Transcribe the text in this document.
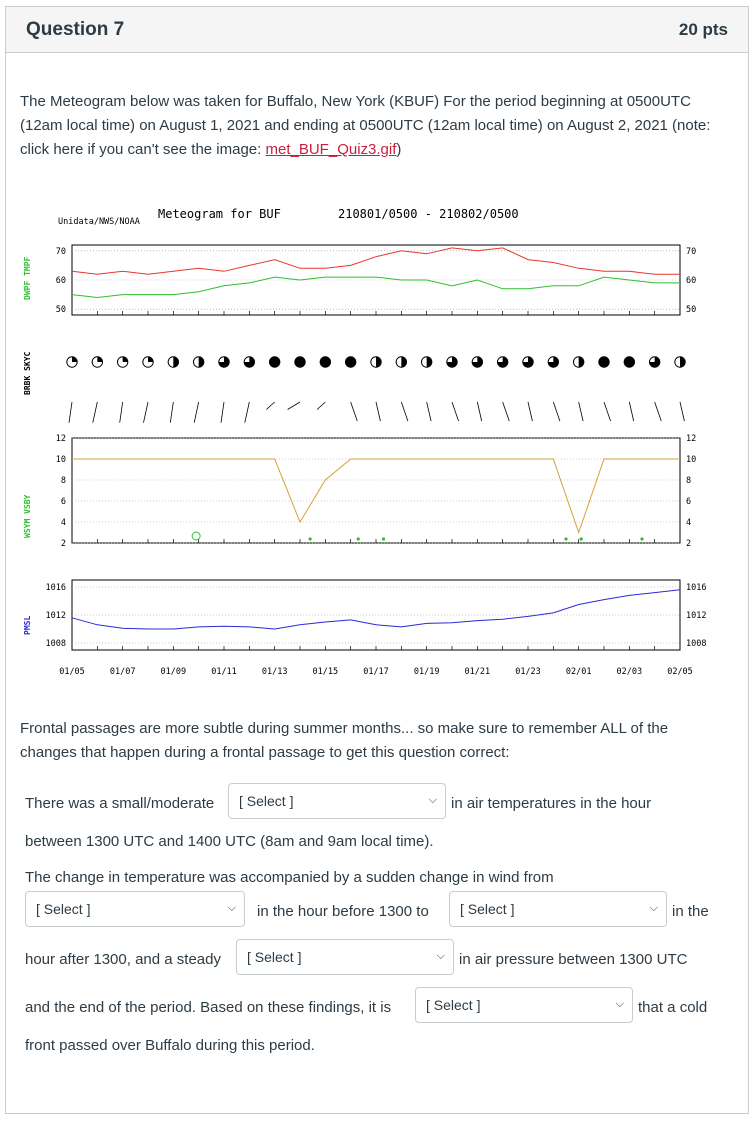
Question 7	20 pts
The Meteogram below was taken for Buffalo, New York (KBUF) For the period beginning at 0500UTC (12am local time) on August 1, 2021 and ending at 0500UTC (12am local time) on August 2, 2021 (note: click here if you can't see the image: met_BUF_Quiz3.gif)
Unidata/NWS/NOAA
Meteogram for BUF	210801/0500 - 210802/0500
DWPF TMPF
BRBK SKYC
WSYM VSBY
PMSL
70	70
60	60
50	50
12	12
10	10
8	8
6	6
4	4
2	2
1016	1016
1012	1012
1008	1008
01/05	01/07	01/09	01/11	01/13	01/15	01/17	01/19	01/21	01/23	02/01	02/03	02/05
Frontal passages are more subtle during summer months... so make sure to remember ALL of the changes that happen during a frontal passage to get this question correct:
There was a small/moderate [ Select ]	⌵ in air temperatures in the hour
between 1300 UTC and 1400 UTC (8am and 9am local time).
The change in temperature was accompanied by a sudden change in wind from
[ Select ]	⌵ in the hour before 1300 to [ Select ]	⌵ in the
hour after 1300, and a steady [ Select ]	⌵ in air pressure between 1300 UTC
and the end of the period. Based on these findings, it is [ Select ]	⌵ that a cold
front passed over Buffalo during this period.
